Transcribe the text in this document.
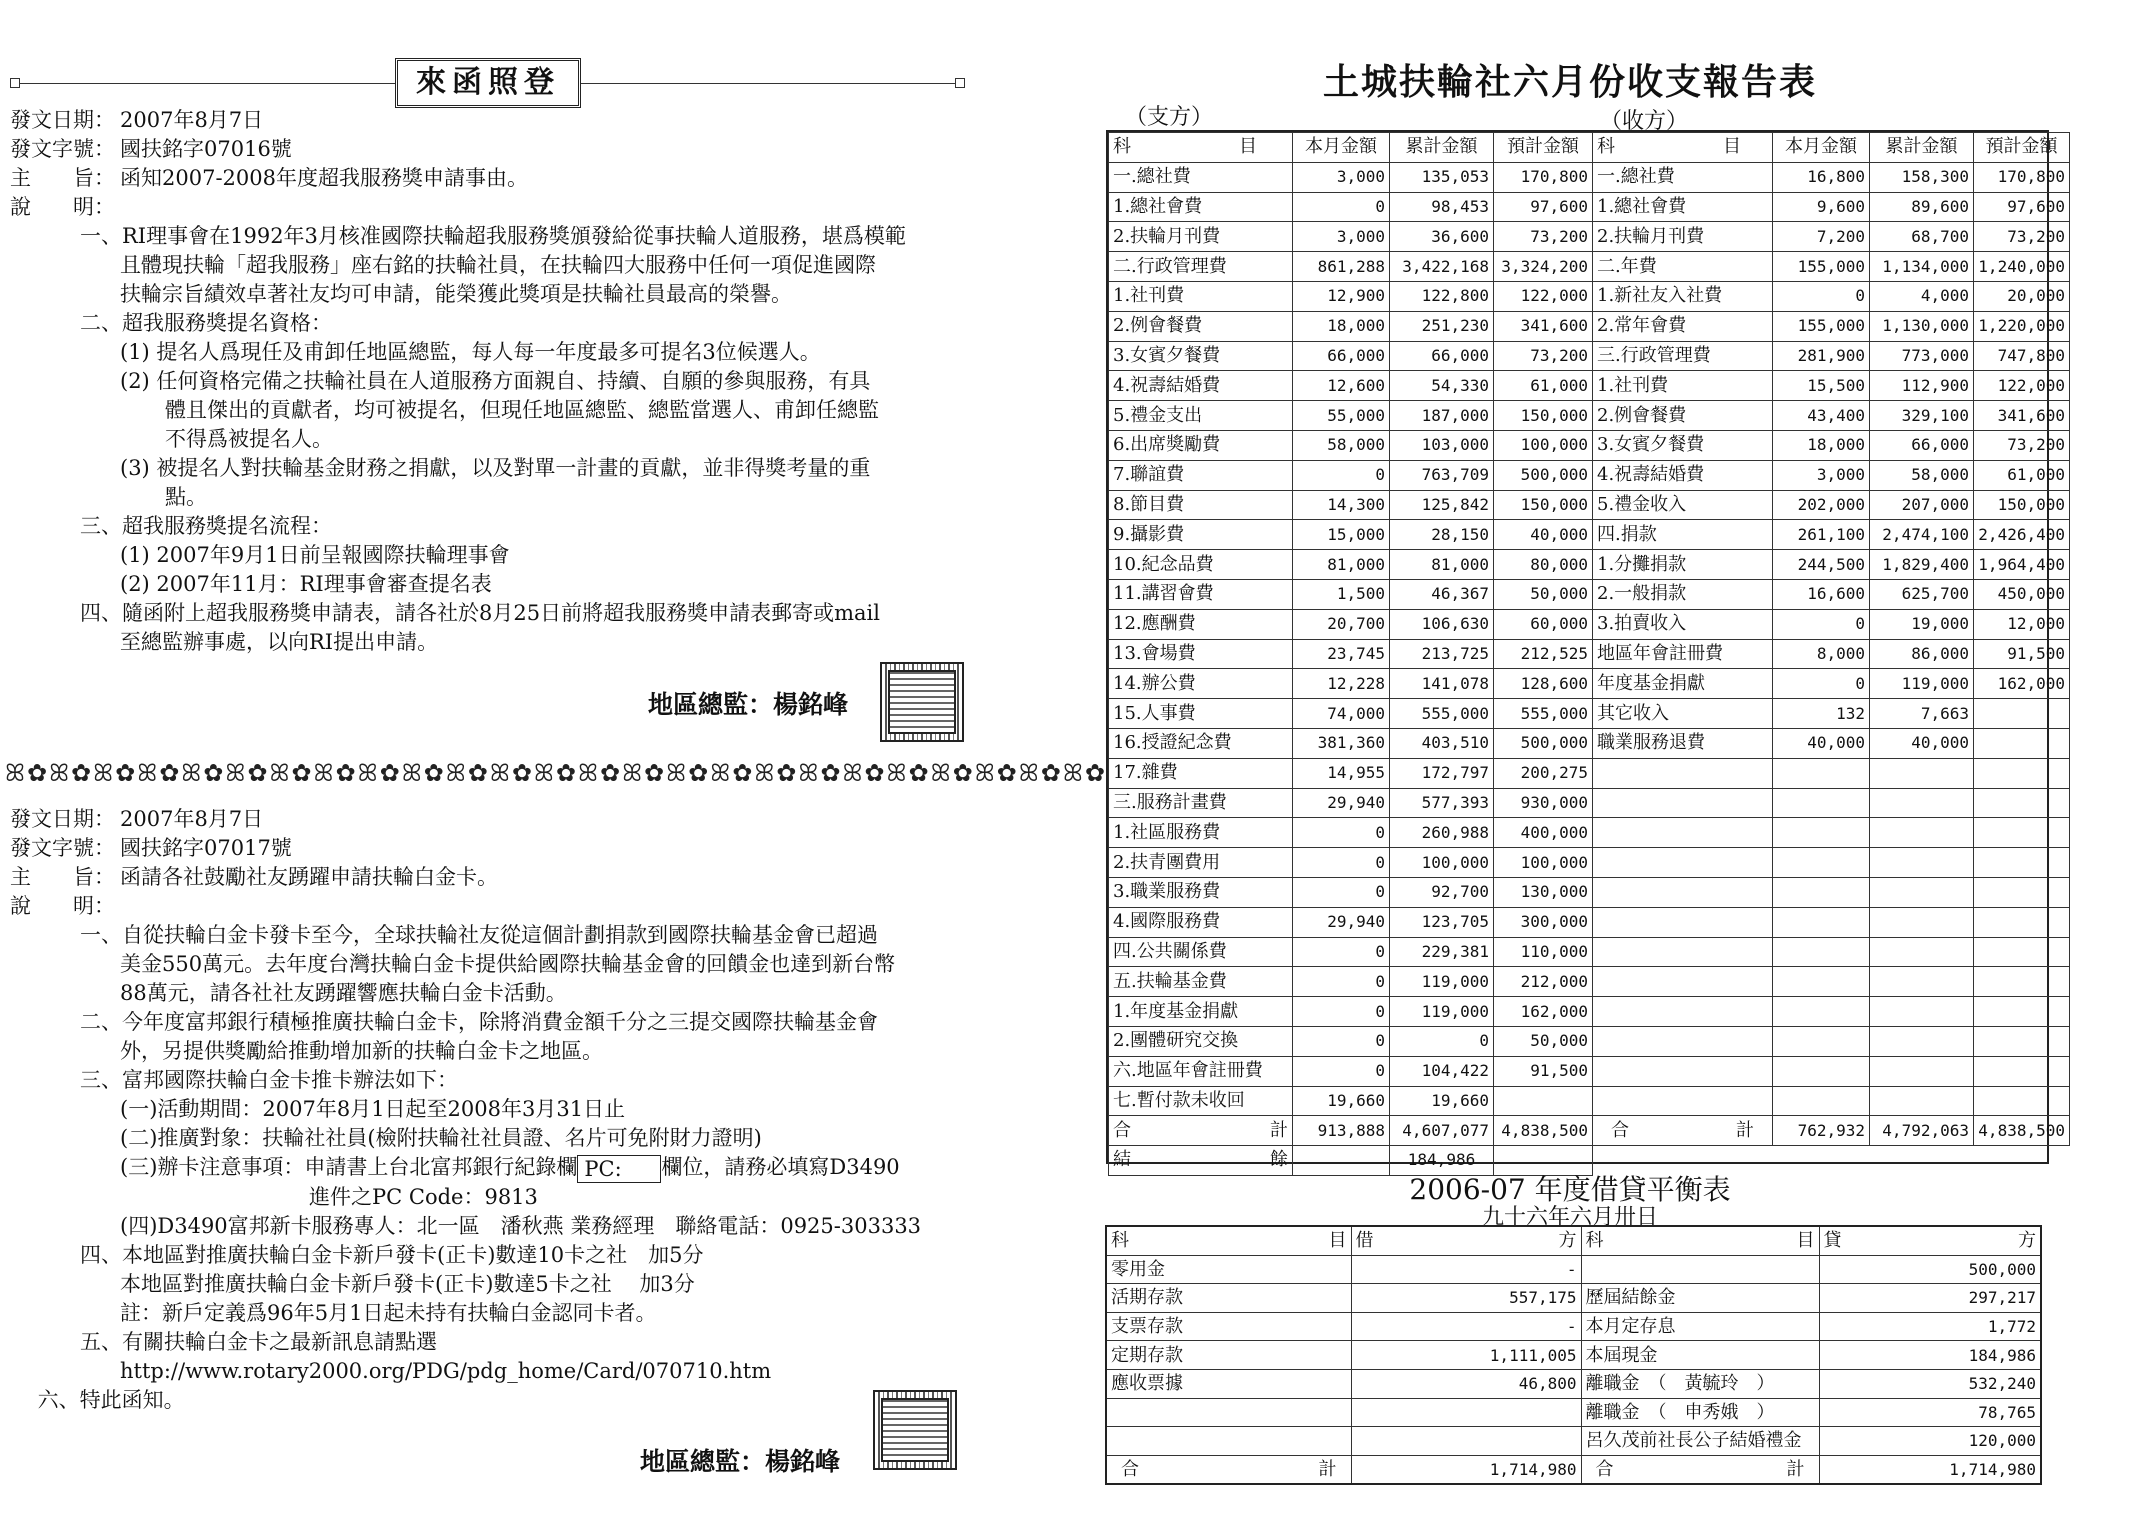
來函照登
發文日期： 2007年8月7日
發文字號： 國扶銘字07016號
主　　旨： 函知2007-2008年度超我服務獎申請事由。
說　　明：
一、RI理事會在1992年3月核准國際扶輪超我服務獎頒發給從事扶輪人道服務，堪爲模範
且體現扶輪「超我服務」座右銘的扶輪社員，在扶輪四大服務中任何一項促進國際
扶輪宗旨績效卓著社友均可申請，能榮獲此獎項是扶輪社員最高的榮譽。
二、超我服務獎提名資格：
(1) 提名人爲現任及甫卸任地區總監，每人每一年度最多可提名3位候選人。
(2) 任何資格完備之扶輪社員在人道服務方面親自、持續、自願的參與服務，有具
體且傑出的貢獻者，均可被提名，但現任地區總監、總監當選人、甫卸任總監
不得爲被提名人。
(3) 被提名人對扶輪基金財務之捐獻，以及對單一計畫的貢獻，並非得獎考量的重
點。
三、超我服務獎提名流程：
(1) 2007年9月1日前呈報國際扶輪理事會
(2) 2007年11月：RI理事會審查提名表
四、隨函附上超我服務獎申請表，請各社於8月25日前將超我服務獎申請表郵寄或mail
至總監辦事處，以向RI提出申請。
地區總監：楊銘峰
ꕤ✿ꕤ✿ꕤ✿ꕤ✿ꕤ✿ꕤ✿ꕤ✿ꕤ✿ꕤ✿ꕤ✿ꕤ✿ꕤ✿ꕤ✿ꕤ✿ꕤ✿ꕤ✿ꕤ✿ꕤ✿ꕤ✿ꕤ✿ꕤ✿ꕤ✿ꕤ✿ꕤ✿ꕤ✿
發文日期： 2007年8月7日
發文字號： 國扶銘字07017號
主　　旨： 函請各社鼓勵社友踴躍申請扶輪白金卡。
說　　明：
一、自從扶輪白金卡發卡至今，全球扶輪社友從這個計劃捐款到國際扶輪基金會已超過
美金550萬元。去年度台灣扶輪白金卡提供給國際扶輪基金會的回饋金也達到新台幣
88萬元，請各社社友踴躍響應扶輪白金卡活動。
二、今年度富邦銀行積極推廣扶輪白金卡，除將消費金額千分之三提交國際扶輪基金會
外，另提供獎勵給推動增加新的扶輪白金卡之地區。
三、富邦國際扶輪白金卡推卡辦法如下：
(一)活動期間：2007年8月1日起至2008年3月31日止
(二)推廣對象：扶輪社社員(檢附扶輪社社員證、名片可免附財力證明)
(三)辦卡注意事項：申請書上台北富邦銀行紀錄欄 PC: 欄位，請務必填寫D3490
　　　　　　　　　進件之PC Code：9813
(四)D3490富邦新卡服務專人：北一區　潘秋燕 業務經理　聯絡電話：0925-303333
四、本地區對推廣扶輪白金卡新戶發卡(正卡)數達10卡之社　加5分
本地區對推廣扶輪白金卡新戶發卡(正卡)數達5卡之社　 加3分
註：新戶定義爲96年5月1日起未持有扶輪白金認同卡者。
五、有關扶輪白金卡之最新訊息請點選
http://www.rotary2000.org/PDG/pdg_home/Card/070710.htm
　 六、特此函知。
地區總監：楊銘峰
土城扶輪社六月份收支報告表
（支方）	（收方）
科　　　　　　目	本月金額	累計金額	預計金額	科　　　　　　目	本月金額	累計金額	預計金額
一.總社費	3,000	135,053	170,800	一.總社費	16,800	158,300	170,800
1.總社會費	0	98,453	97,600	1.總社會費	9,600	89,600	97,600
2.扶輪月刊費	3,000	36,600	73,200	2.扶輪月刊費	7,200	68,700	73,200
二.行政管理費	861,288	3,422,168	3,324,200	二.年費	155,000	1,134,000	1,240,000
1.社刊費	12,900	122,800	122,000	1.新社友入社費	0	4,000	20,000
2.例會餐費	18,000	251,230	341,600	2.常年會費	155,000	1,130,000	1,220,000
3.女賓夕餐費	66,000	66,000	73,200	三.行政管理費	281,900	773,000	747,800
4.祝壽結婚費	12,600	54,330	61,000	1.社刊費	15,500	112,900	122,000
5.禮金支出	55,000	187,000	150,000	2.例會餐費	43,400	329,100	341,600
6.出席獎勵費	58,000	103,000	100,000	3.女賓夕餐費	18,000	66,000	73,200
7.聯誼費	0	763,709	500,000	4.祝壽結婚費	3,000	58,000	61,000
8.節目費	14,300	125,842	150,000	5.禮金收入	202,000	207,000	150,000
9.攝影費	15,000	28,150	40,000	四.捐款	261,100	2,474,100	2,426,400
10.紀念品費	81,000	81,000	80,000	1.分攤捐款	244,500	1,829,400	1,964,400
11.講習會費	1,500	46,367	50,000	2.一般捐款	16,600	625,700	450,000
12.應酬費	20,700	106,630	60,000	3.拍賣收入	0	19,000	12,000
13.會場費	23,745	213,725	212,525	地區年會註冊費	8,000	86,000	91,500
14.辦公費	12,228	141,078	128,600	年度基金捐獻	0	119,000	162,000
15.人事費	74,000	555,000	555,000	其它收入	132	7,663	
16.授證紀念費	381,360	403,510	500,000	職業服務退費	40,000	40,000	
17.雜費	14,955	172,797	200,275				
三.服務計畫費	29,940	577,393	930,000				
1.社區服務費	0	260,988	400,000				
2.扶青團費用	0	100,000	100,000				
3.職業服務費	0	92,700	130,000				
4.國際服務費	29,940	123,705	300,000				
四.公共關係費	0	229,381	110,000				
五.扶輪基金費	0	119,000	212,000				
1.年度基金捐獻	0	119,000	162,000				
2.團體研究交換	0	0	50,000				
六.地區年會註冊費	0	104,422	91,500				
七.暫付款未收回	19,660	19,660					

合 計	913,888	4,607,077	4,838,500	合 計	762,932	4,792,063	4,838,500

結 餘		184,986					
2006-07 年度借貸平衡表
九十六年六月卅日
科 目	借 方	科 目	貸 方

零用金	-		500,000
活期存款	557,175	歷屆結餘金	297,217
支票存款	-	本月定存息	1,772
定期存款	1,111,005	本屆現金	184,986
應收票據	46,800	離職金　（　黃毓玲　）	532,240
		離職金　（　申秀娥　）	78,765
		呂久茂前社長公子結婚禮金	120,000

合 計	1,714,980	合 計	1,714,980
